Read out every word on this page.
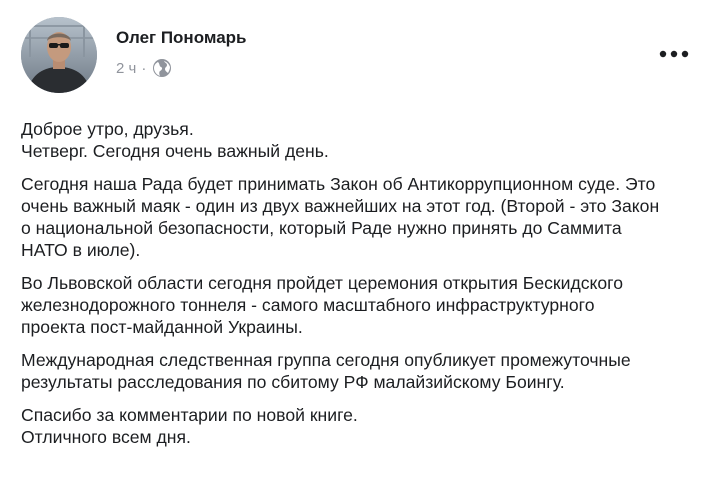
Олег Пономарь
2 ч ·

Доброе утро, друзья.
Четверг. Сегодня очень важный день.

Сегодня наша Рада будет принимать Закон об Антикоррупционном суде. Это
очень важный маяк - один из двух важнейших на этот год. (Второй - это Закон
о национальной безопасности, который Раде нужно принять до Саммита
НАТО в июле).

Во Львовской области сегодня пройдет церемония открытия Бескидского
железнодорожного тоннеля - самого масштабного инфраструктурного
проекта пост-майданной Украины.

Международная следственная группа сегодня опубликует промежуточные
результаты расследования по сбитому РФ малайзийскому Боингу.

Спасибо за комментарии по новой книге.
Отличного всем дня.
